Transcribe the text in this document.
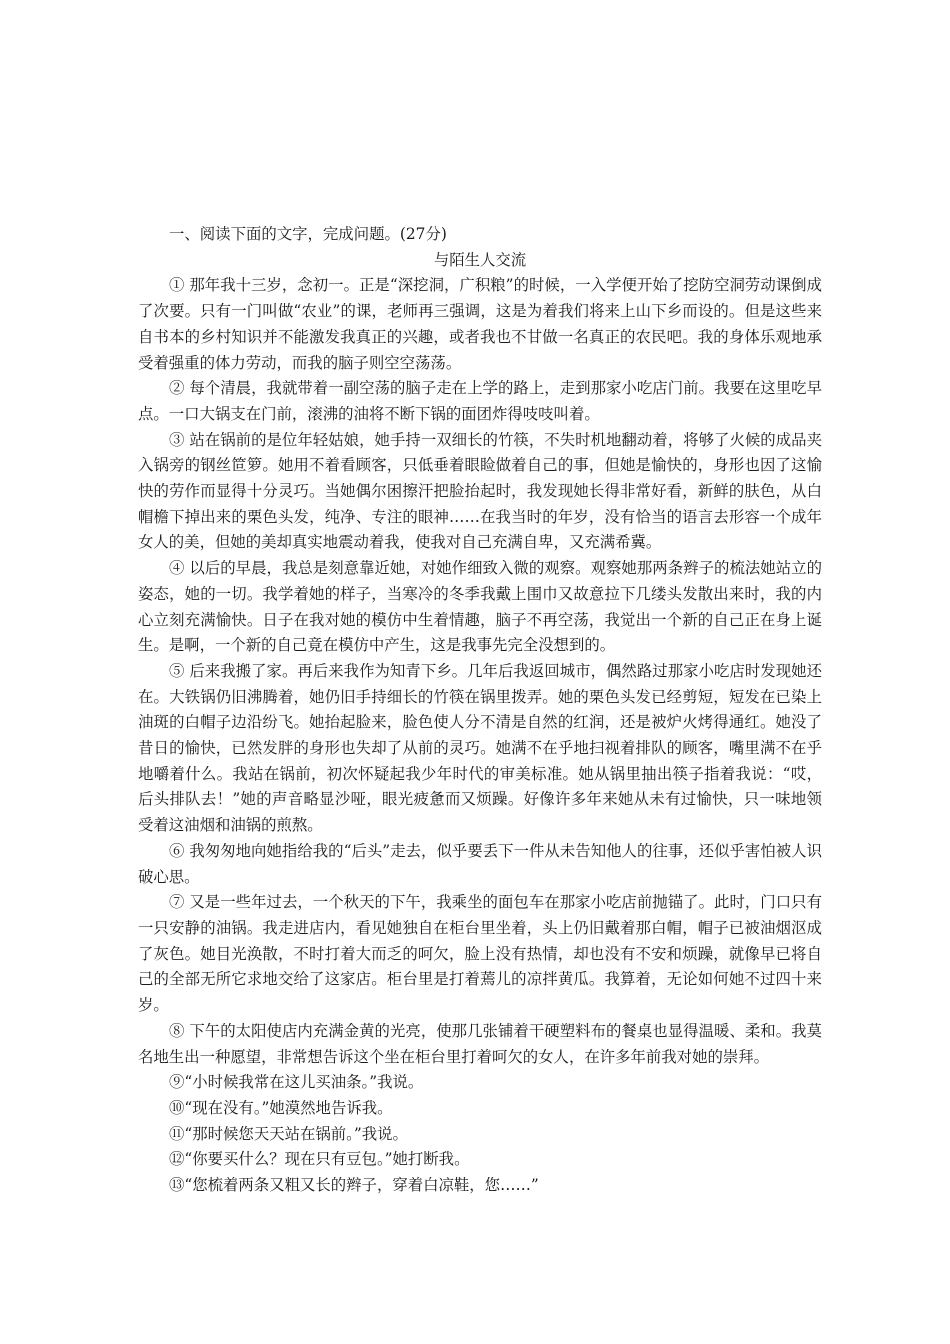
一、阅读下面的文字，完成问题。(27分)

与陌生人交流

① 那年我十三岁，念初一。正是“深挖洞，广积粮”的时候，一入学便开始了挖防空洞劳动课倒成了次要。只有一门叫做“农业”的课，老师再三强调，这是为着我们将来上山下乡而设的。但是这些来自书本的乡村知识并不能激发我真正的兴趣，或者我也不甘做一名真正的农民吧。我的身体乐观地承受着强重的体力劳动，而我的脑子则空空荡荡。

② 每个清晨，我就带着一副空荡的脑子走在上学的路上，走到那家小吃店门前。我要在这里吃早点。一口大锅支在门前，滚沸的油将不断下锅的面团炸得吱吱叫着。

③ 站在锅前的是位年轻姑娘，她手持一双细长的竹筷，不失时机地翻动着，将够了火候的成品夹入锅旁的钢丝笸箩。她用不着看顾客，只低垂着眼睑做着自己的事，但她是愉快的，身形也因了这愉快的劳作而显得十分灵巧。当她偶尔困擦汗把脸抬起时，我发现她长得非常好看，新鲜的肤色，从白帽檐下掉出来的栗色头发，纯净、专注的眼神……在我当时的年岁，没有恰当的语言去形容一个成年女人的美，但她的美却真实地震动着我，使我对自己充满自卑，又充满希冀。

④ 以后的早晨，我总是刻意靠近她，对她作细致入微的观察。观察她那两条辫子的梳法她站立的姿态，她的一切。我学着她的样子，当寒冷的冬季我戴上围巾又故意拉下几缕头发散出来时，我的内心立刻充满愉快。日子在我对她的模仿中生着情趣，脑子不再空荡，我觉出一个新的自己正在身上诞生。是啊，一个新的自己竟在模仿中产生，这是我事先完全没想到的。

⑤ 后来我搬了家。再后来我作为知青下乡。几年后我返回城市，偶然路过那家小吃店时发现她还在。大铁锅仍旧沸腾着，她仍旧手持细长的竹筷在锅里拨弄。她的栗色头发已经剪短，短发在已染上油斑的白帽子边沿纷飞。她抬起脸来，脸色使人分不清是自然的红润，还是被炉火烤得通红。她没了昔日的愉快，已然发胖的身形也失却了从前的灵巧。她满不在乎地扫视着排队的顾客，嘴里满不在乎地嚼着什么。我站在锅前，初次怀疑起我少年时代的审美标准。她从锅里抽出筷子指着我说：“哎，后头排队去！”她的声音略显沙哑，眼光疲惫而又烦躁。好像许多年来她从未有过愉快，只一味地领受着这油烟和油锅的煎熬。

⑥ 我匆匆地向她指给我的“后头”走去，似乎要丢下一件从未告知他人的往事，还似乎害怕被人识破心思。

⑦ 又是一些年过去，一个秋天的下午，我乘坐的面包车在那家小吃店前抛锚了。此时，门口只有一只安静的油锅。我走进店内，看见她独自在柜台里坐着，头上仍旧戴着那白帽，帽子已被油烟沤成了灰色。她目光涣散，不时打着大而乏的呵欠，脸上没有热情，却也没有不安和烦躁，就像早已将自己的全部无所它求地交给了这家店。柜台里是打着蔫儿的凉拌黄瓜。我算着，无论如何她不过四十来岁。

⑧ 下午的太阳使店内充满金黄的光亮，使那几张铺着干硬塑料布的餐桌也显得温暖、柔和。我莫名地生出一种愿望，非常想告诉这个坐在柜台里打着呵欠的女人，在许多年前我对她的崇拜。

⑨“小时候我常在这儿买油条。”我说。

⑩“现在没有。”她漠然地告诉我。

⑪“那时候您天天站在锅前。”我说。

⑫“你要买什么？现在只有豆包。”她打断我。

⑬“您梳着两条又粗又长的辫子，穿着白凉鞋，您……”
